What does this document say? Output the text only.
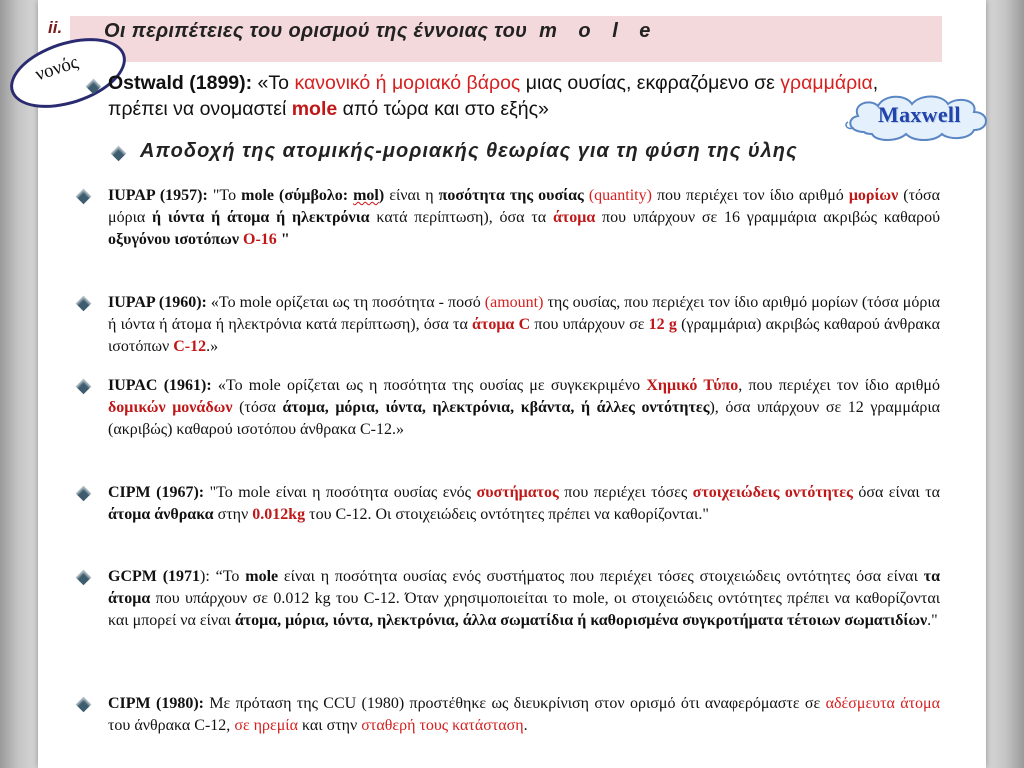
ii. Οι περιπέτειες του ορισμού της έννοιας του m o l e
νονός
Maxwell
Ostwald (1899): «Το κανονικό ή μοριακό βάρος μιας ουσίας, εκφραζόμενο σε γραμμάρια, πρέπει να ονομαστεί mole από τώρα και στο εξής»
Αποδοχή της ατομικής-μοριακής θεωρίας για τη φύση της ύλης
IUPAP (1957): "Το mole (σύμβολο: mol) είναι η ποσότητα της ουσίας (quantity) που περιέχει τον ίδιο αριθμό μορίων (τόσα μόρια ή ιόντα ή άτομα ή ηλεκτρόνια κατά περίπτωση), όσα τα άτομα που υπάρχουν σε 16 γραμμάρια ακριβώς καθαρού οξυγόνου ισοτόπων O-16 "
IUPAP (1960): «Το mole ορίζεται ως τη ποσότητα - ποσό (amount) της ουσίας, που περιέχει τον ίδιο αριθμό μορίων (τόσα μόρια ή ιόντα ή άτομα ή ηλεκτρόνια κατά περίπτωση), όσα τα άτομα C που υπάρχουν σε 12 g (γραμμάρια) ακριβώς καθαρού άνθρακα ισοτόπων C-12.»
IUPAC (1961): «Το mole ορίζεται ως η ποσότητα της ουσίας με συγκεκριμένο Χημικό Τύπο, που περιέχει τον ίδιο αριθμό δομικών μονάδων (τόσα άτομα, μόρια, ιόντα, ηλεκτρόνια, κβάντα, ή άλλες οντότητες), όσα υπάρχουν σε 12 γραμμάρια (ακριβώς) καθαρού ισοτόπου άνθρακα C-12.»
CIPM (1967): "Το mole είναι η ποσότητα ουσίας ενός συστήματος που περιέχει τόσες στοιχειώδεις οντότητες όσα είναι τα άτομα άνθρακα στην 0.012kg του C-12. Οι στοιχειώδεις οντότητες πρέπει να καθορίζονται."
GCPM (1971): “Το mole είναι η ποσότητα ουσίας ενός συστήματος που περιέχει τόσες στοιχειώδεις οντότητες όσα είναι τα άτομα που υπάρχουν σε 0.012 kg του C-12. Όταν χρησιμοποιείται το mole, οι στοιχειώδεις οντότητες πρέπει να καθορίζονται και μπορεί να είναι άτομα, μόρια, ιόντα, ηλεκτρόνια, άλλα σωματίδια ή καθορισμένα συγκροτήματα τέτοιων σωματιδίων."
CIPM (1980): Με πρόταση της CCU (1980) προστέθηκε ως διευκρίνιση στον ορισμό ότι αναφερόμαστε σε αδέσμευτα άτομα του άνθρακα C-12, σε ηρεμία και στην σταθερή τους κατάσταση.
